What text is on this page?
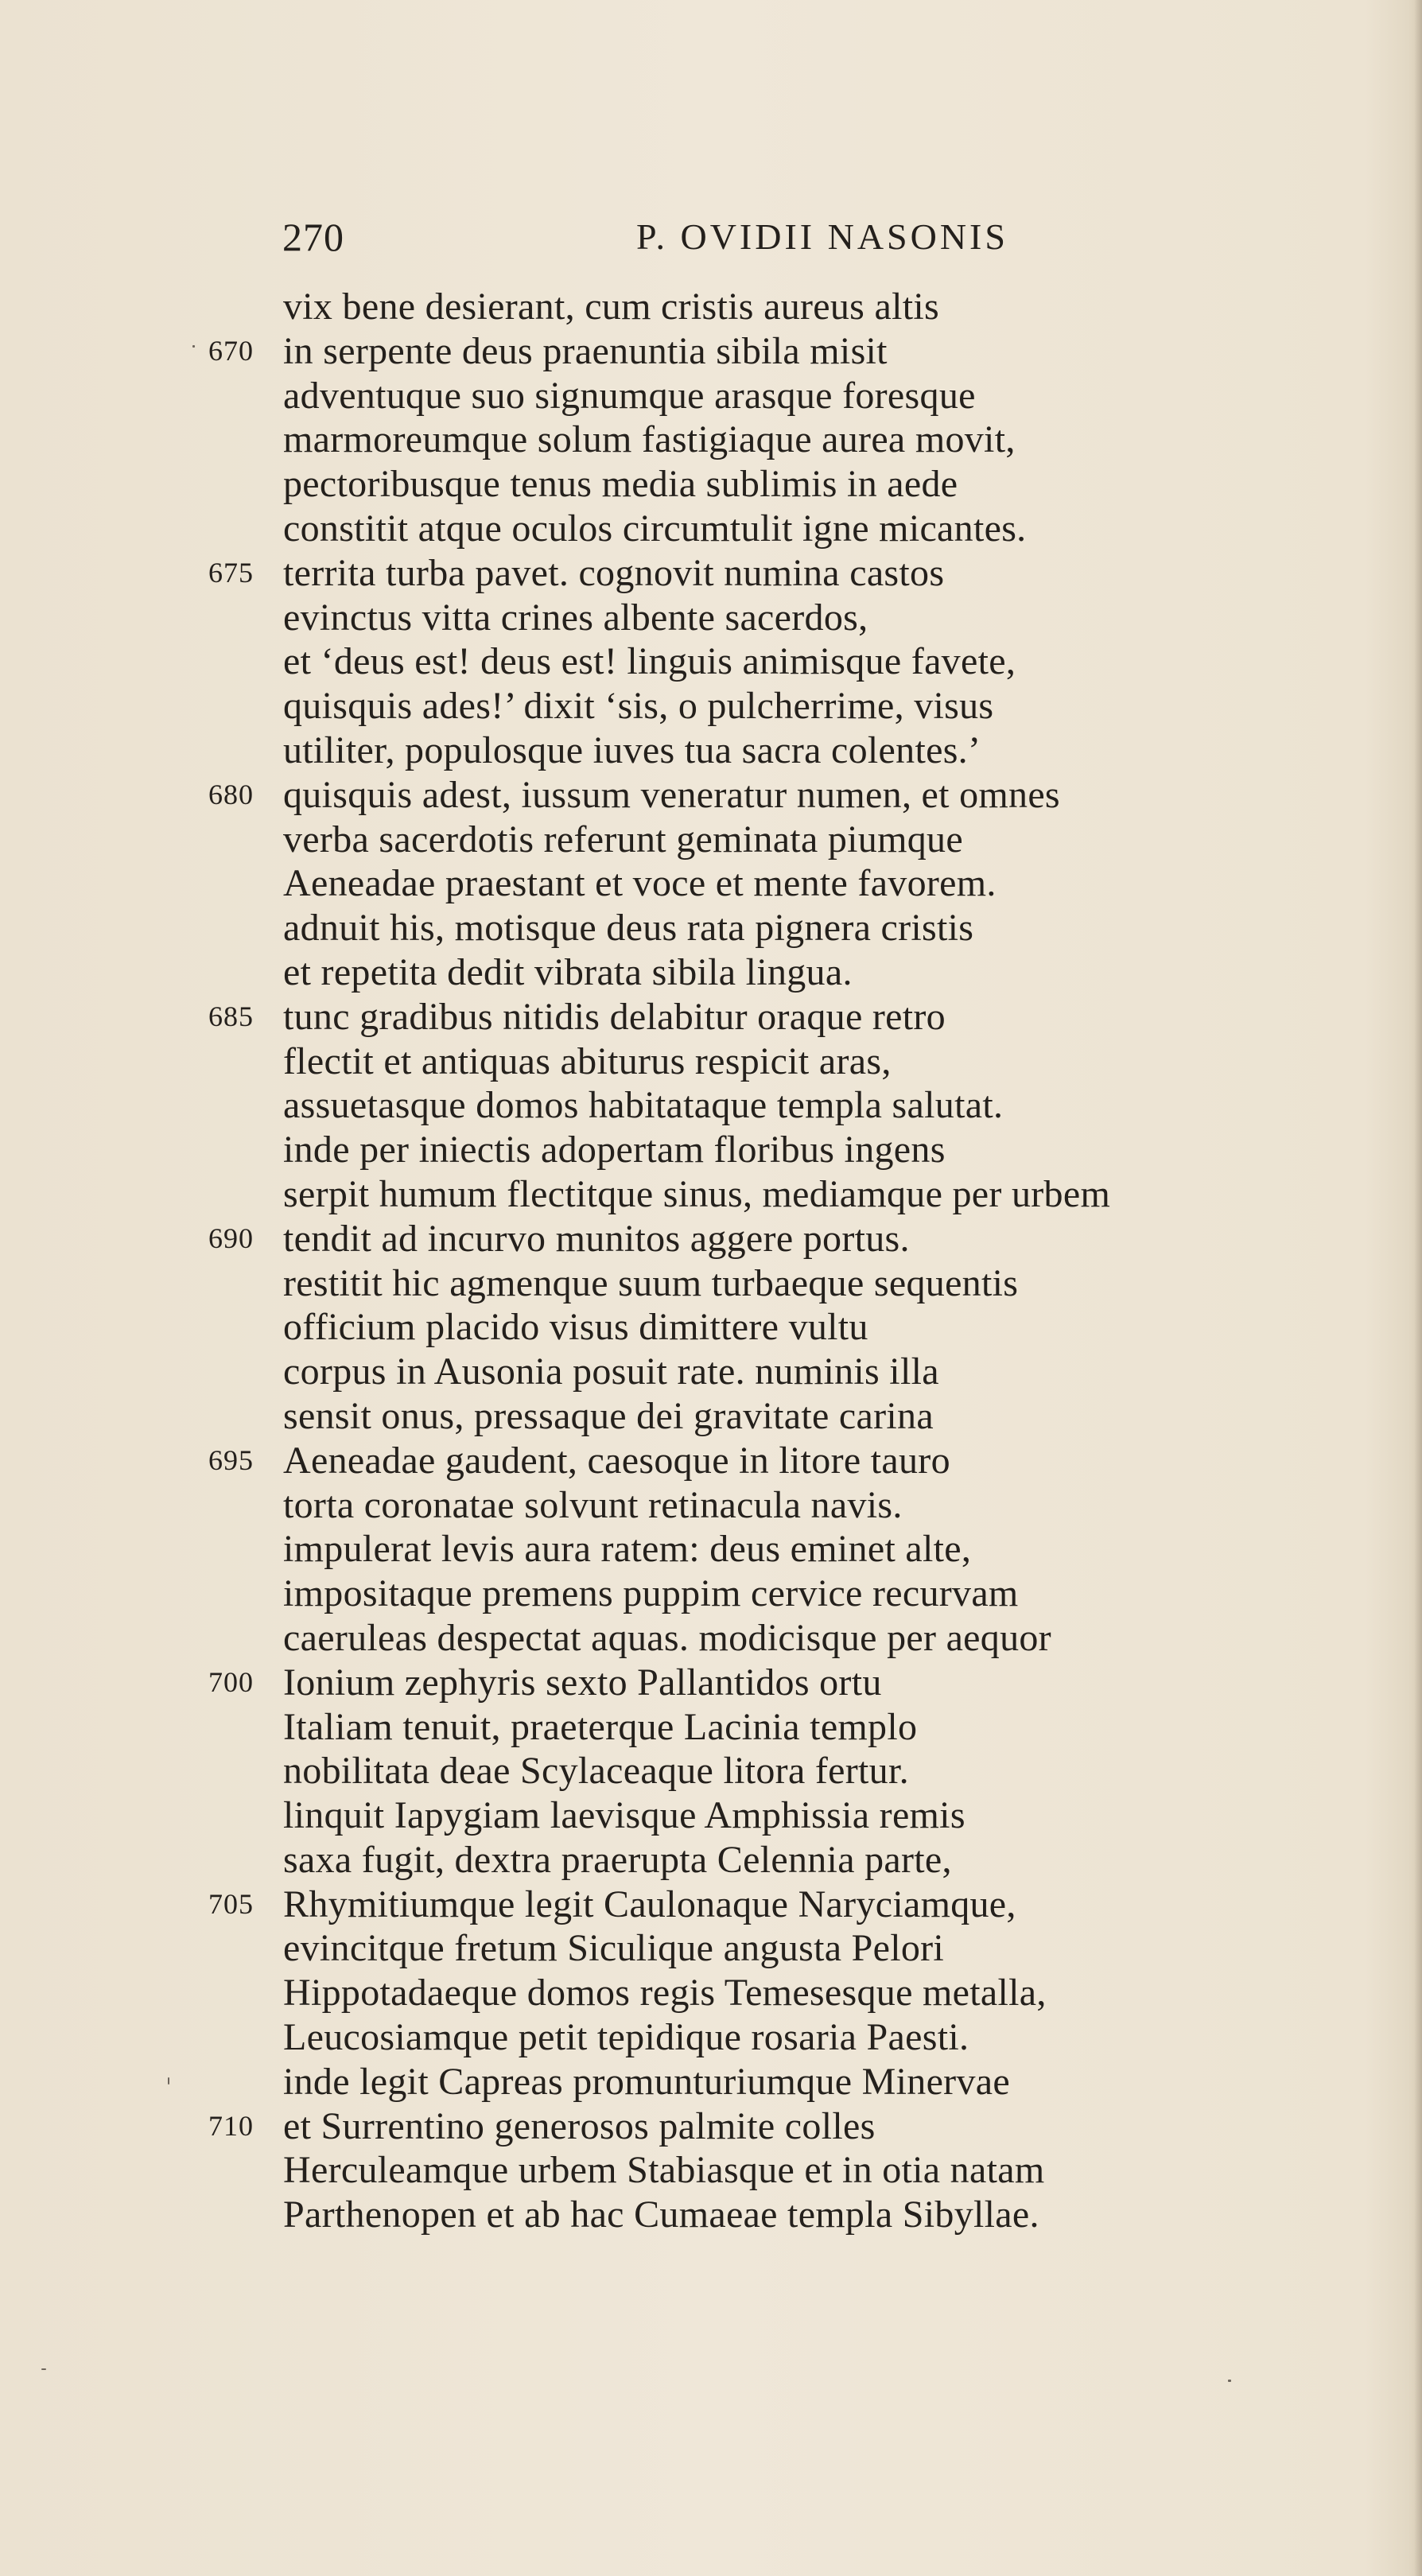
270	P. OVIDII NASONIS
vix bene desierant, cum cristis aureus altis
670 in serpente deus praenuntia sibila misit
adventuque suo signumque arasque foresque
marmoreumque solum fastigiaque aurea movit,
pectoribusque tenus media sublimis in aede
constitit atque oculos circumtulit igne micantes.
675 territa turba pavet. cognovit numina castos
evinctus vitta crines albente sacerdos,
et ‘deus est! deus est! linguis animisque favete,
quisquis ades!’ dixit ‘sis, o pulcherrime, visus
utiliter, populosque iuves tua sacra colentes.’
680 quisquis adest, iussum veneratur numen, et omnes
verba sacerdotis referunt geminata piumque
Aeneadae praestant et voce et mente favorem.
adnuit his, motisque deus rata pignera cristis
et repetita dedit vibrata sibila lingua.
685 tunc gradibus nitidis delabitur oraque retro
flectit et antiquas abiturus respicit aras,
assuetasque domos habitataque templa salutat.
inde per iniectis adopertam floribus ingens
serpit humum flectitque sinus, mediamque per urbem
690 tendit ad incurvo munitos aggere portus.
restitit hic agmenque suum turbaeque sequentis
officium placido visus dimittere vultu
corpus in Ausonia posuit rate. numinis illa
sensit onus, pressaque dei gravitate carina
695 Aeneadae gaudent, caesoque in litore tauro
torta coronatae solvunt retinacula navis.
impulerat levis aura ratem: deus eminet alte,
impositaque premens puppim cervice recurvam
caeruleas despectat aquas. modicisque per aequor
700 Ionium zephyris sexto Pallantidos ortu
Italiam tenuit, praeterque Lacinia templo
nobilitata deae Scylaceaque litora fertur.
linquit Iapygiam laevisque Amphissia remis
saxa fugit, dextra praerupta Celennia parte,
705 Rhymitiumque legit Caulonaque Naryciamque,
evincitque fretum Siculique angusta Pelori
Hippotadaeque domos regis Temesesque metalla,
Leucosiamque petit tepidique rosaria Paesti.
inde legit Capreas promunturiumque Minervae
710 et Surrentino generosos palmite colles
Herculeamque urbem Stabiasque et in otia natam
Parthenopen et ab hac Cumaeae templa Sibyllae.
